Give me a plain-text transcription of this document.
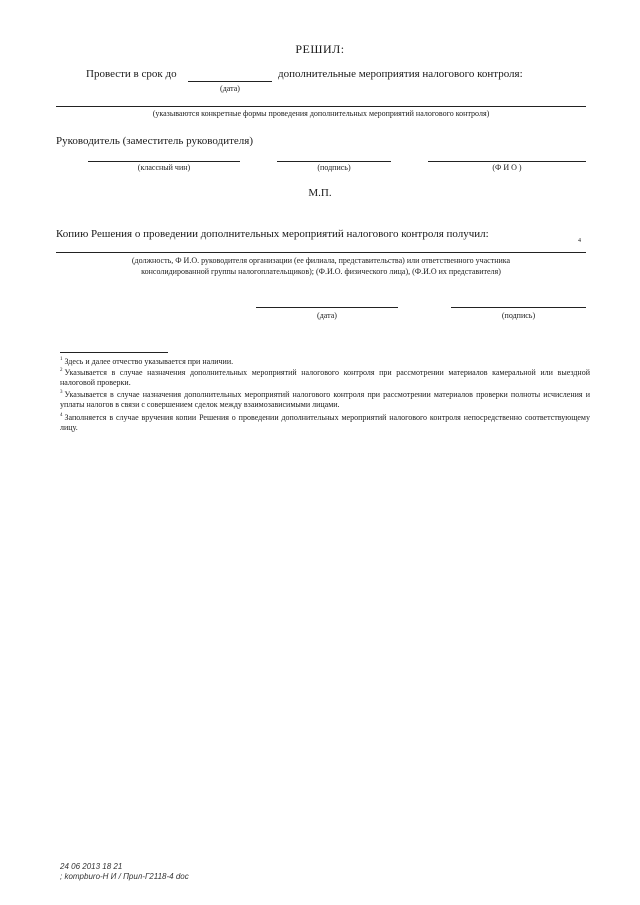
РЕШИЛ:
Провести в срок до	дополнительные мероприятия налогового контроля:
(дата)
(указываются конкретные формы проведения дополнительных мероприятий налогового контроля)
Руководитель (заместитель руководителя)
(классный чин)	(подпись)	(Ф И О )
М.П.
Копию Решения о проведении дополнительных мероприятий налогового контроля получил:
4
(должность, Ф И.О. руководителя организации (ее филиала, представительства) или ответственного участника
консолидированной группы налогоплательщиков); (Ф.И.О. физического лица), (Ф.И.О их представителя)
(дата)	(подпись)
$^1$ Здесь и далее отчество указывается при наличии.
$^2$ Указывается в случае назначения дополнительных мероприятий налогового контроля при рассмотрении материалов камеральной или выездной налоговой проверки.
$^3$ Указывается в случае назначения дополнительных мероприятий налогового контроля при рассмотрении материалов проверки полноты исчисления и уплаты налогов в связи с совершением сделок между взаимозависимыми лицами.
$^4$ Заполняется в случае вручения копии Решения о проведении дополнительных мероприятий налогового контроля непосредственно соответствующему лицу.
24 06 2013 18 21
; kompburo-Н И / Прил-Г2118-4 doc
